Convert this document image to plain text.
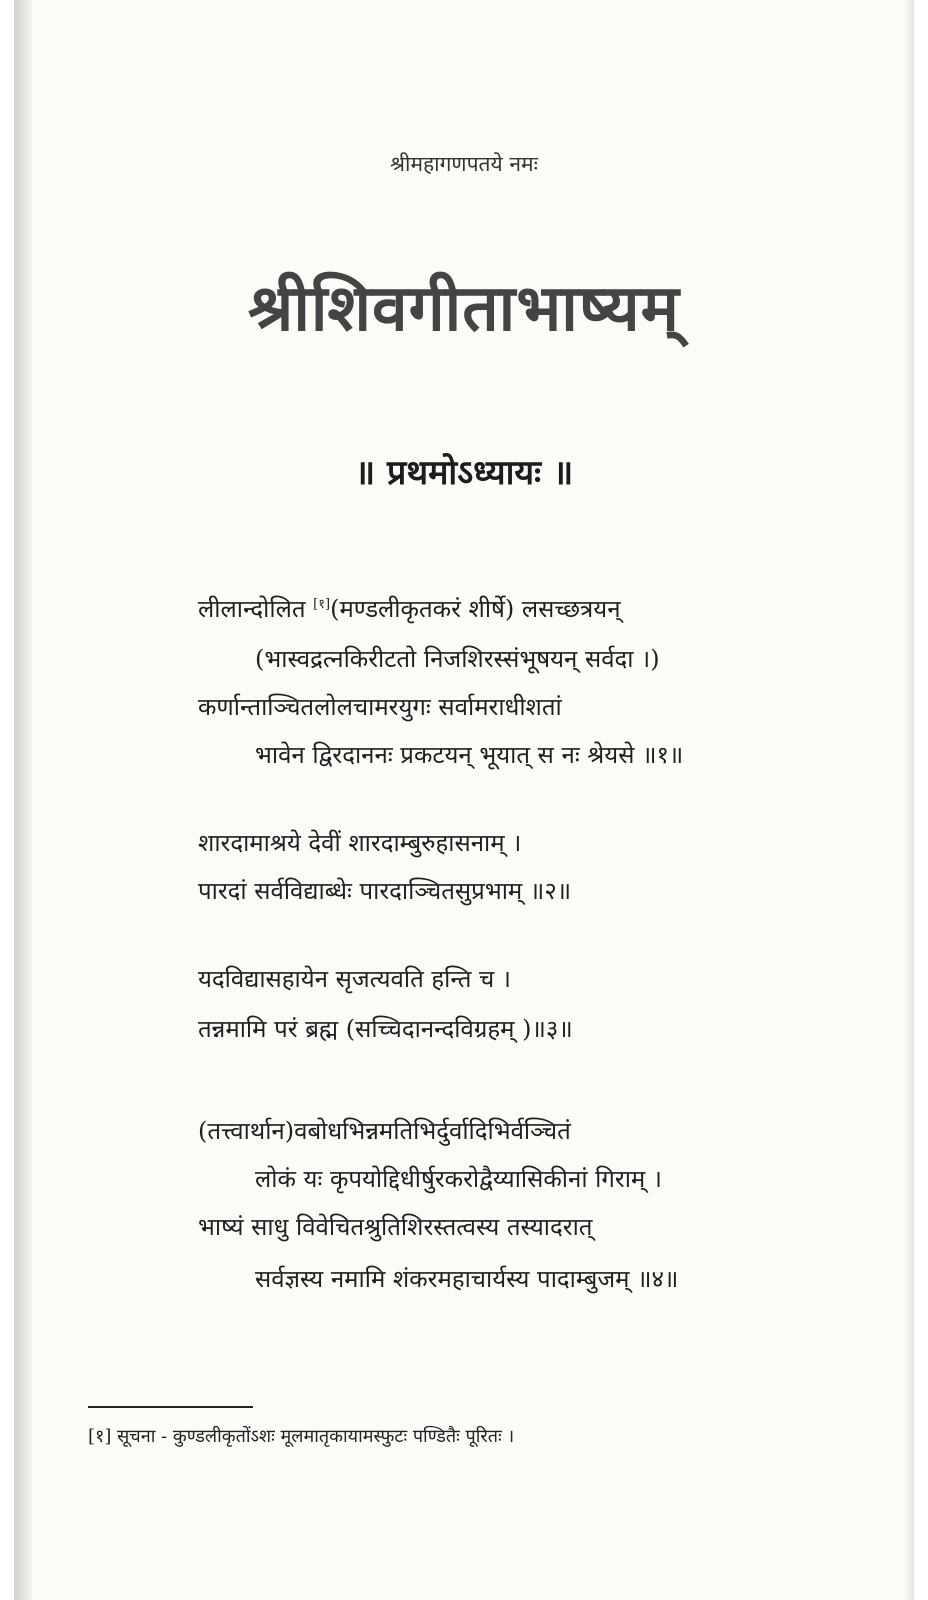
श्रीमहागणपतये नमः
श्रीशिवगीताभाष्यम्
॥ प्रथमोऽध्यायः ॥
लीलान्दोलित [१](मण्डलीकृतकरं शीर्षे) लसच्छत्रयन्
(भास्वद्रत्नकिरीटतो निजशिरस्संभूषयन् सर्वदा ।)
कर्णान्ताञ्चितलोलचामरयुगः सर्वामराधीशतां
भावेन द्विरदाननः प्रकटयन् भूयात् स नः श्रेयसे ॥१॥
शारदामाश्रये देवीं शारदाम्बुरुहासनाम् ।
पारदां सर्वविद्याब्धेः पारदाञ्चितसुप्रभाम् ॥२॥
यदविद्यासहायेन सृजत्यवति हन्ति च ।
तन्नमामि परं ब्रह्म (सच्चिदानन्दविग्रहम् )॥३॥
(तत्त्वार्थान)वबोधभिन्नमतिभिर्दुर्वादिभिर्वञ्चितं
लोकं यः कृपयोद्दिधीर्षुरकरोद्वैय्यासिकीनां गिराम् ।
भाष्यं साधु विवेचितश्रुतिशिरस्तत्वस्य तस्यादरात्
सर्वज्ञस्य नमामि शंकरमहाचार्यस्य पादाम्बुजम् ॥४॥
[१] सूचना - कुण्डलीकृतोंऽशः मूलमातृकायामस्फुटः पण्डितैः पूरितः ।
